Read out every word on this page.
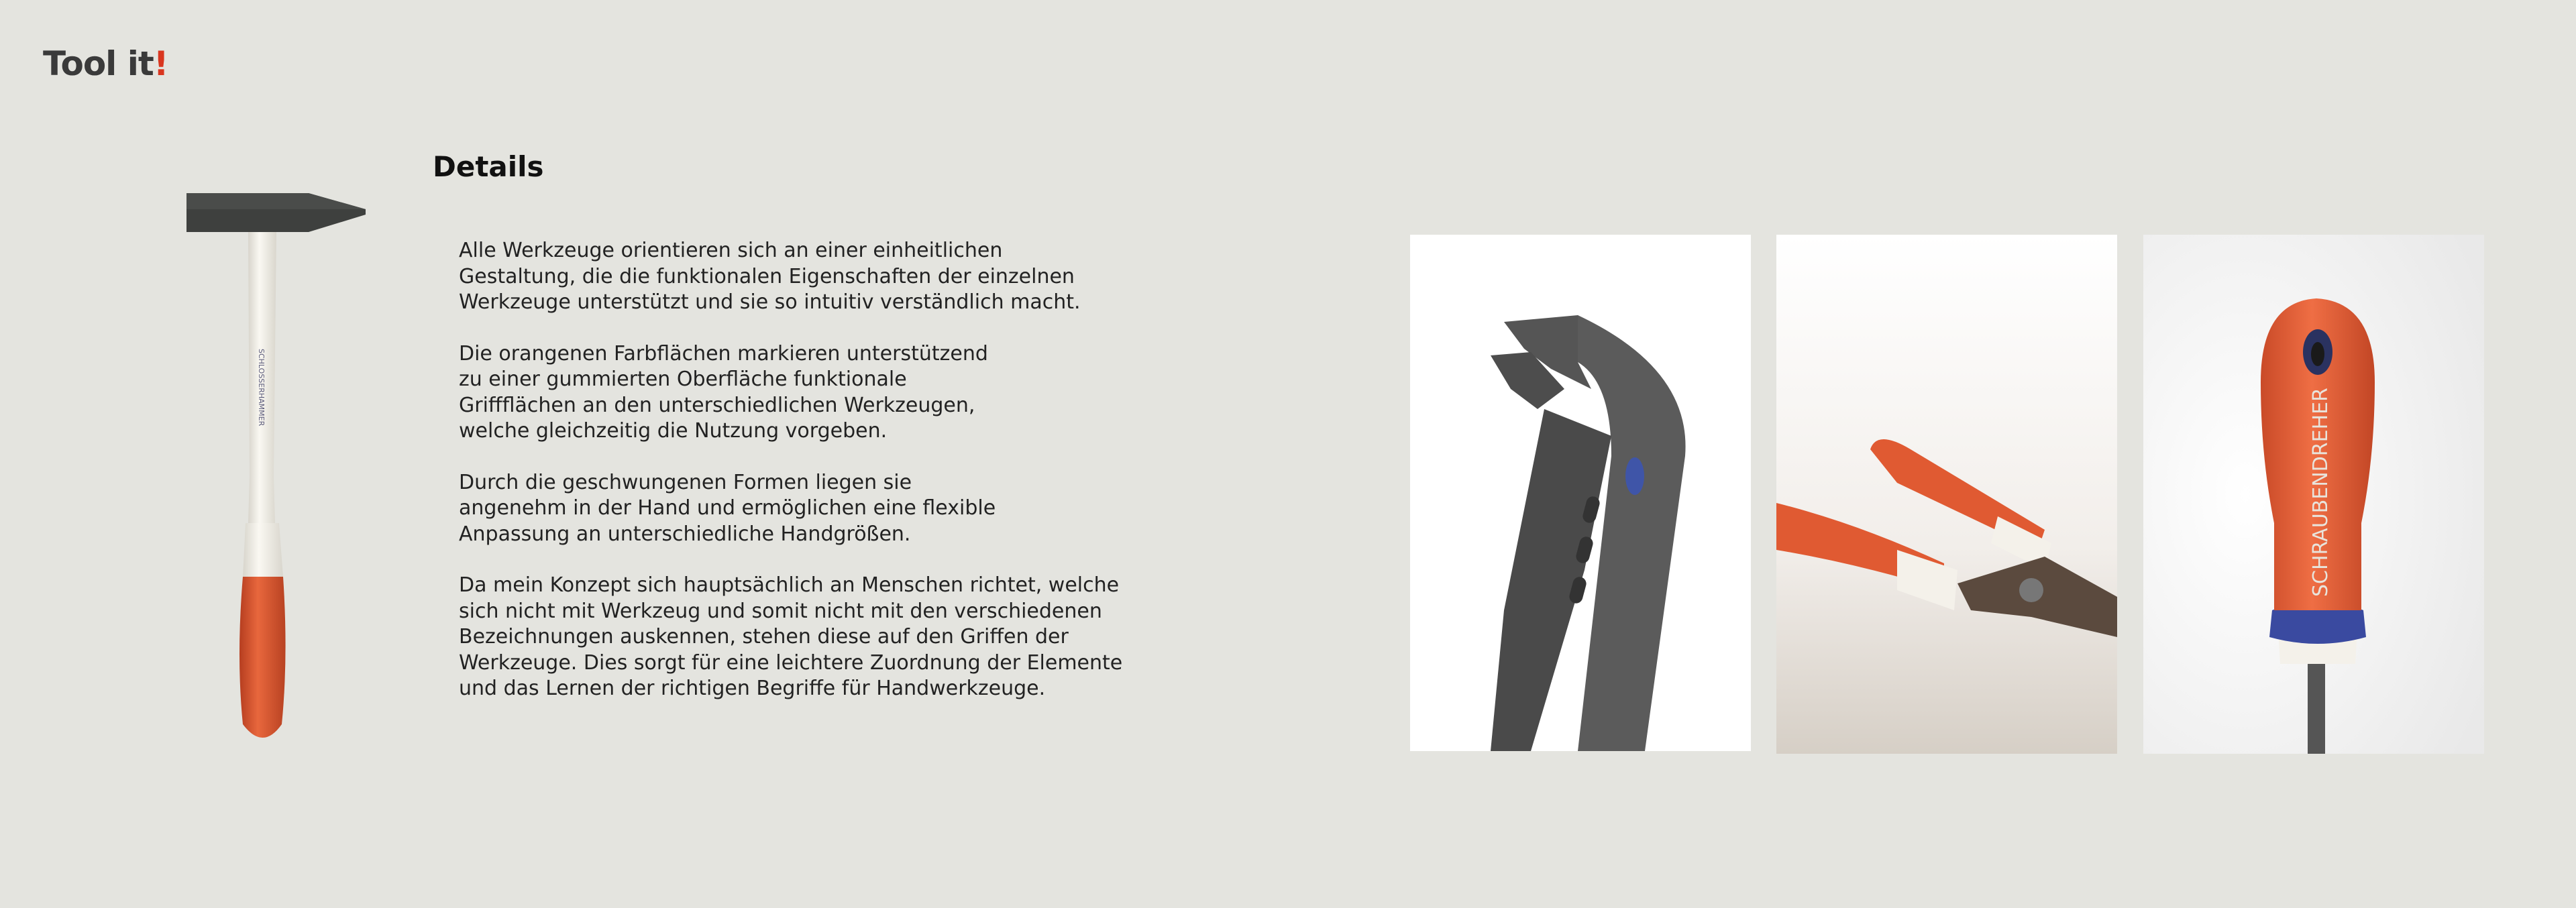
Tool it!
SCHLOSSERHAMMER
Details

Alle Werkzeuge orientieren sich an einer einheitlichen
Gestaltung, die die funktionalen Eigenschaften der einzelnen
Werkzeuge unterstützt und sie so intuitiv verständlich macht.

Die orangenen Farbflächen markieren unterstützend
zu einer gummierten Oberfläche funktionale
Griffflächen an den unterschiedlichen Werkzeugen,
welche gleichzeitig die Nutzung vorgeben.

Durch die geschwungenen Formen liegen sie
angenehm in der Hand und ermöglichen eine flexible
Anpassung an unterschiedliche Handgrößen.

Da mein Konzept sich hauptsächlich an Menschen richtet, welche
sich nicht mit Werkzeug und somit nicht mit den verschiedenen
Bezeichnungen auskennen, stehen diese auf den Griffen der
Werkzeuge. Dies sorgt für eine leichtere Zuordnung der Elemente
und das Lernen der richtigen Begriffe für Handwerkzeuge.

SCHRAUBENDREHER
